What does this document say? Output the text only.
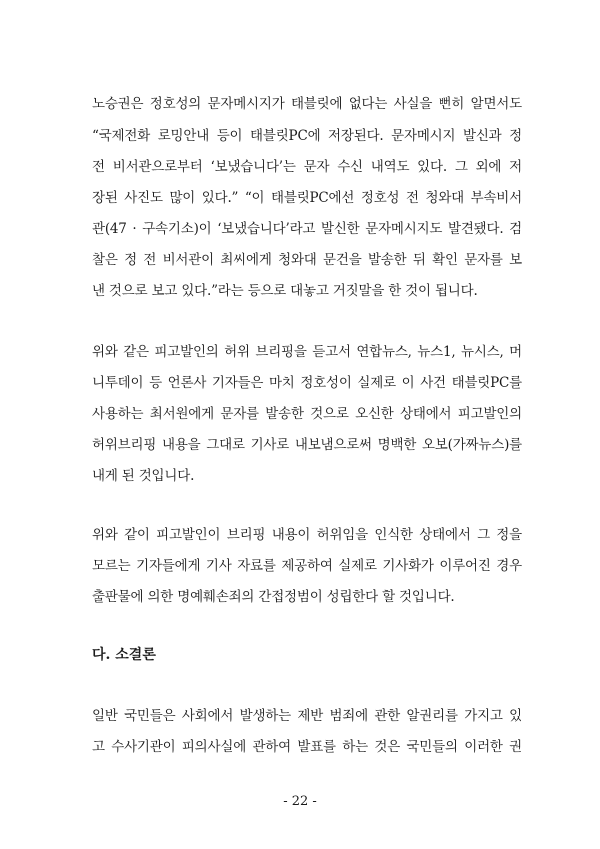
노승권은 정호성의 문자메시지가 태블릿에 없다는 사실을 뻔히 알면서도
“국제전화 로밍안내 등이 태블릿PC에 저장된다. 문자메시지 발신과 정
전 비서관으로부터 ‘보냈습니다’는 문자 수신 내역도 있다. 그 외에 저
장된 사진도 많이 있다.” “이 태블릿PC에선 정호성 전 청와대 부속비서
관(47 · 구속기소)이 ‘보냈습니다’라고 발신한 문자메시지도 발견됐다. 검
찰은 정 전 비서관이 최씨에게 청와대 문건을 발송한 뒤 확인 문자를 보
낸 것으로 보고 있다.”라는 등으로 대놓고 거짓말을 한 것이 됩니다.
위와 같은 피고발인의 허위 브리핑을 듣고서 연합뉴스, 뉴스1, 뉴시스, 머
니투데이 등 언론사 기자들은 마치 정호성이 실제로 이 사건 태블릿PC를
사용하는 최서원에게 문자를 발송한 것으로 오신한 상태에서 피고발인의
허위브리핑 내용을 그대로 기사로 내보냄으로써 명백한 오보(가짜뉴스)를
내게 된 것입니다.
위와 같이 피고발인이 브리핑 내용이 허위임을 인식한 상태에서 그 정을
모르는 기자들에게 기사 자료를 제공하여 실제로 기사화가 이루어진 경우
출판물에 의한 명예훼손죄의 간접정범이 성립한다 할 것입니다.
다. 소결론
일반 국민들은 사회에서 발생하는 제반 범죄에 관한 알권리를 가지고 있
고 수사기관이 피의사실에 관하여 발표를 하는 것은 국민들의 이러한 권
- 22 -
